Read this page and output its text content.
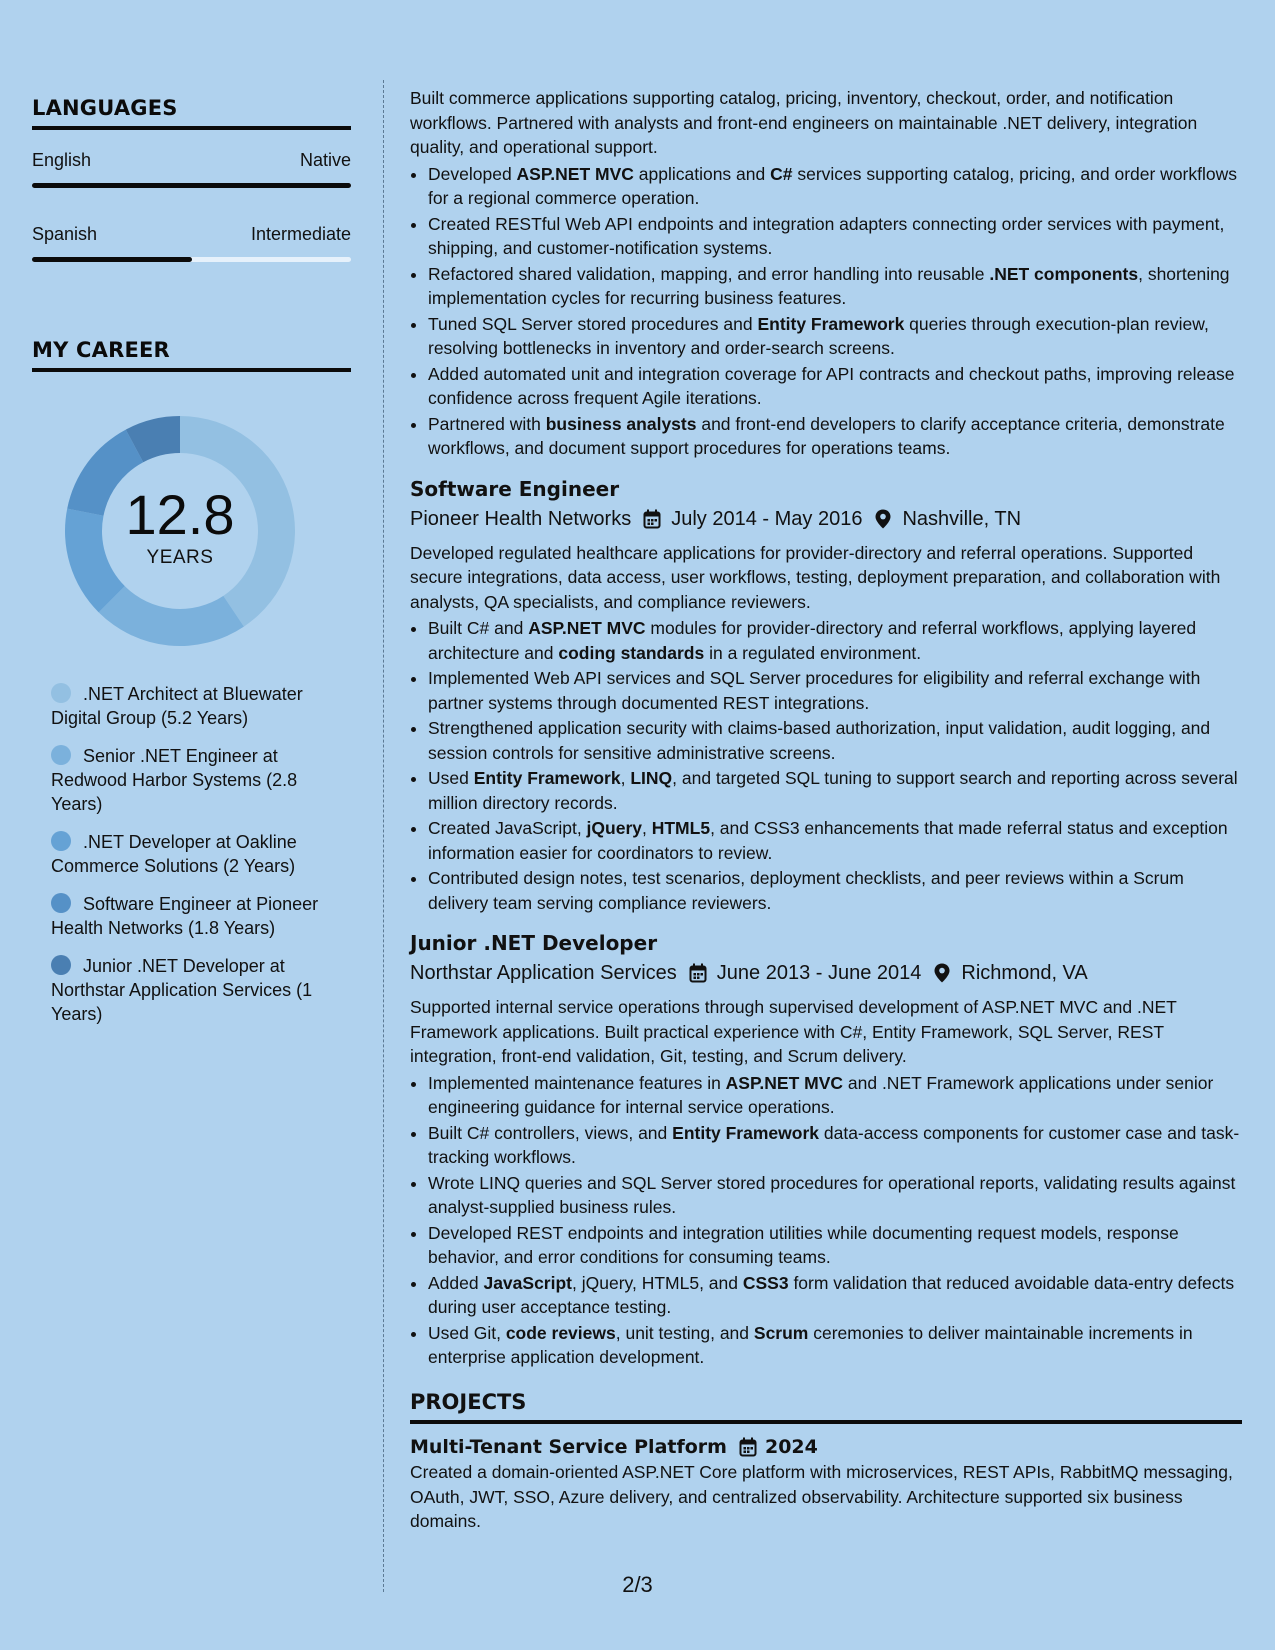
LANGUAGES
English	Native
Spanish	Intermediate
MY CAREER
12.8
YEARS
.NET Architect at Bluewater Digital Group (5.2 Years)
Senior .NET Engineer at Redwood Harbor Systems (2.8 Years)
.NET Developer at Oakline Commerce Solutions (2 Years)
Software Engineer at Pioneer Health Networks (1.8 Years)
Junior .NET Developer at Northstar Application Services (1 Years)

Built commerce applications supporting catalog, pricing, inventory, checkout, order, and notification workflows. Partnered with analysts and front-end engineers on maintainable .NET delivery, integration quality, and operational support.

• Developed ASP.NET MVC applications and C# services supporting catalog, pricing, and order workflows for a regional commerce operation.
• Created RESTful Web API endpoints and integration adapters connecting order services with payment, shipping, and customer-notification systems.
• Refactored shared validation, mapping, and error handling into reusable .NET components, shortening implementation cycles for recurring business features.
• Tuned SQL Server stored procedures and Entity Framework queries through execution-plan review, resolving bottlenecks in inventory and order-search screens.
• Added automated unit and integration coverage for API contracts and checkout paths, improving release confidence across frequent Agile iterations.
• Partnered with business analysts and front-end developers to clarify acceptance criteria, demonstrate workflows, and document support procedures for operations teams.
Software Engineer
Pioneer Health Networks July 2014 - May 2016 Nashville, TN

Developed regulated healthcare applications for provider-directory and referral operations. Supported secure integrations, data access, user workflows, testing, deployment preparation, and collaboration with analysts, QA specialists, and compliance reviewers.

• Built C# and ASP.NET MVC modules for provider-directory and referral workflows, applying layered architecture and coding standards in a regulated environment.
• Implemented Web API services and SQL Server procedures for eligibility and referral exchange with partner systems through documented REST integrations.
• Strengthened application security with claims-based authorization, input validation, audit logging, and session controls for sensitive administrative screens.
• Used Entity Framework, LINQ, and targeted SQL tuning to support search and reporting across several million directory records.
• Created JavaScript, jQuery, HTML5, and CSS3 enhancements that made referral status and exception information easier for coordinators to review.
• Contributed design notes, test scenarios, deployment checklists, and peer reviews within a Scrum delivery team serving compliance reviewers.
Junior .NET Developer
Northstar Application Services June 2013 - June 2014 Richmond, VA

Supported internal service operations through supervised development of ASP.NET MVC and .NET Framework applications. Built practical experience with C#, Entity Framework, SQL Server, REST integration, front-end validation, Git, testing, and Scrum delivery.

• Implemented maintenance features in ASP.NET MVC and .NET Framework applications under senior engineering guidance for internal service operations.
• Built C# controllers, views, and Entity Framework data-access components for customer case and task-tracking workflows.
• Wrote LINQ queries and SQL Server stored procedures for operational reports, validating results against analyst-supplied business rules.
• Developed REST endpoints and integration utilities while documenting request models, response behavior, and error conditions for consuming teams.
• Added JavaScript, jQuery, HTML5, and CSS3 form validation that reduced avoidable data-entry defects during user acceptance testing.
• Used Git, code reviews, unit testing, and Scrum ceremonies to deliver maintainable increments in enterprise application development.
PROJECTS
Multi-Tenant Service Platform 2024

Created a domain-oriented ASP.NET Core platform with microservices, REST APIs, RabbitMQ messaging, OAuth, JWT, SSO, Azure delivery, and centralized observability. Architecture supported six business domains.

2/3
